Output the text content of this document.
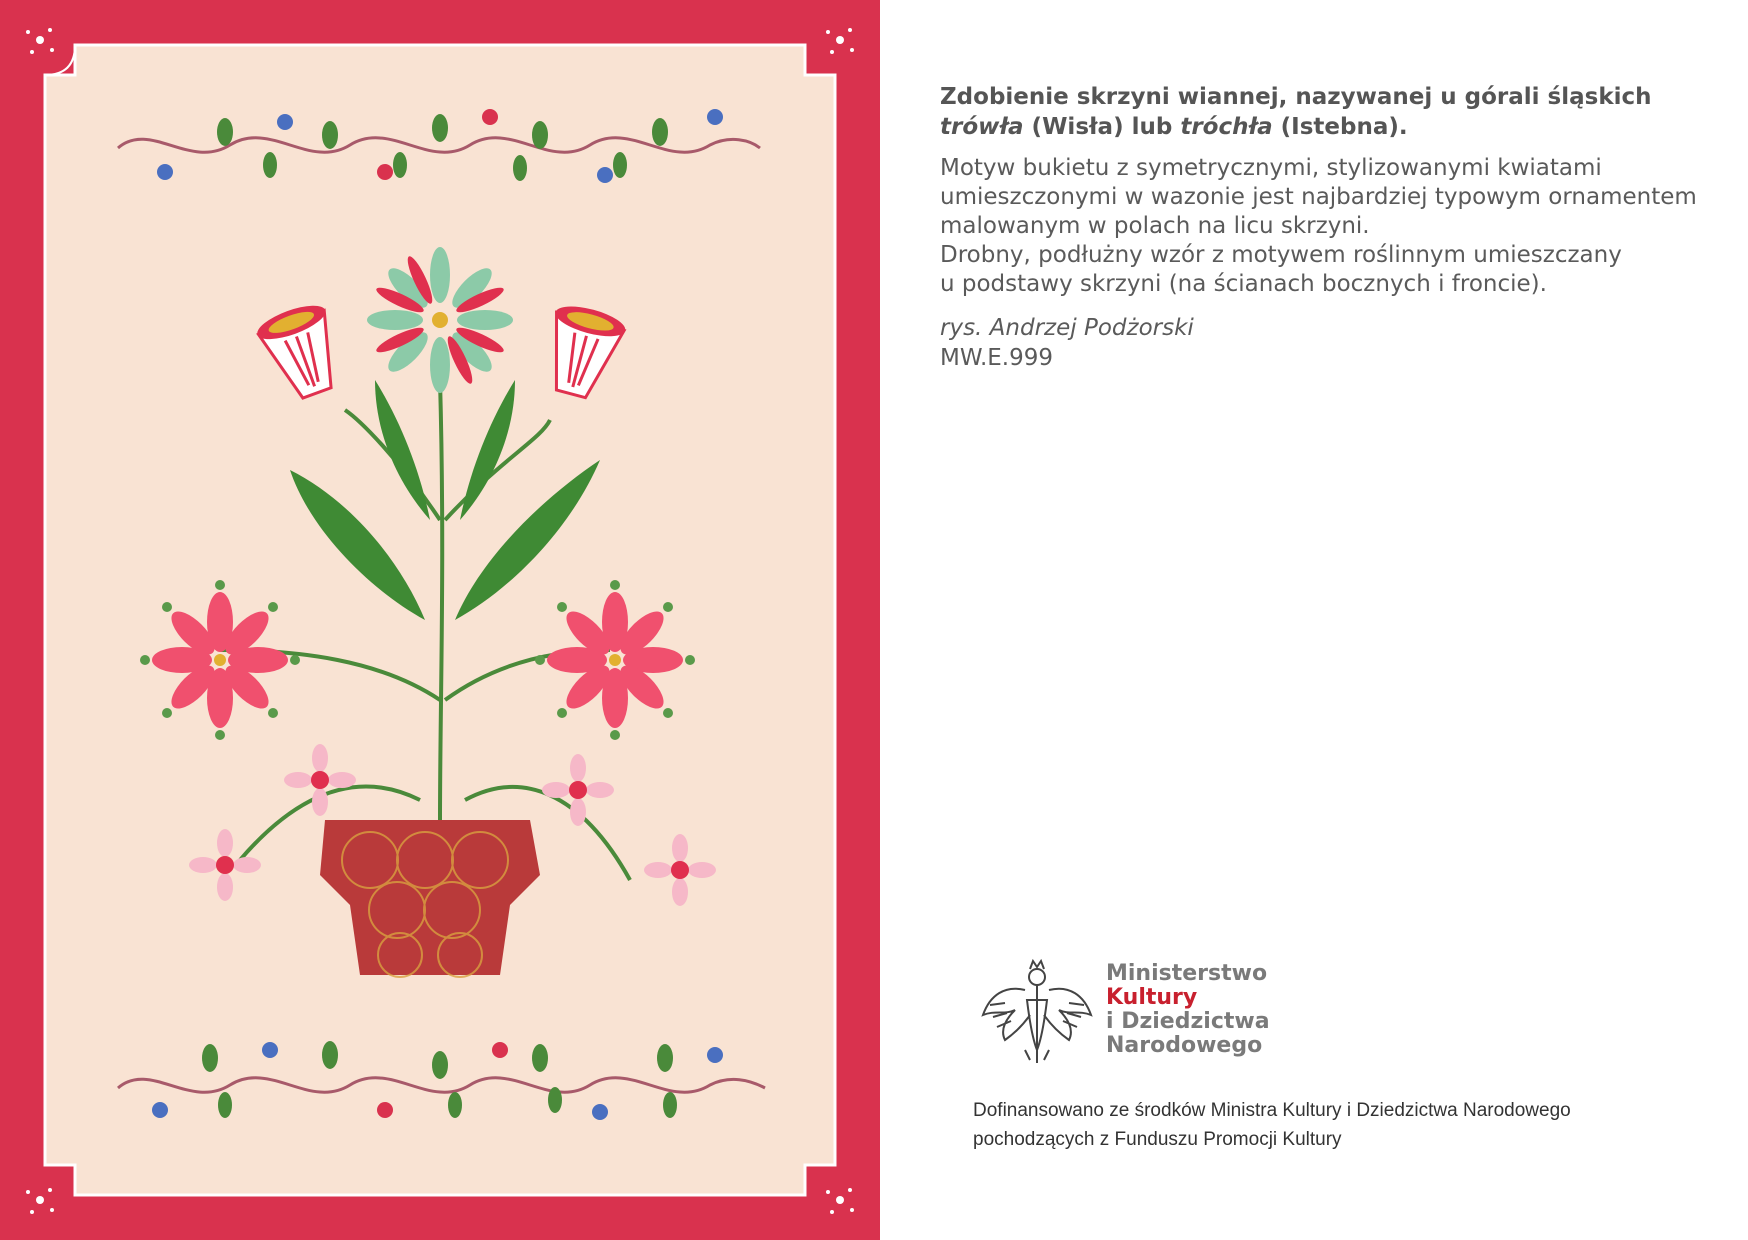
Zdobienie skrzyni wiannej, nazywanej u górali śląskich
trówła (Wisła) lub tróchła (Istebna).

Motyw bukietu z symetrycznymi, stylizowanymi kwiatami
umieszczonymi w wazonie jest najbardziej typowym ornamentem
malowanym w polach na licu skrzyni.
Drobny, podłużny wzór z motywem roślinnym umieszczany
u podstawy skrzyni (na ścianach bocznych i froncie).

rys. Andrzej Podżorski
MW.E.999
Ministerstwo
Kultury
i Dziedzictwa
Narodowego
Dofinansowano ze środków Ministra Kultury i Dziedzictwa Narodowego
pochodzących z Funduszu Promocji Kultury
